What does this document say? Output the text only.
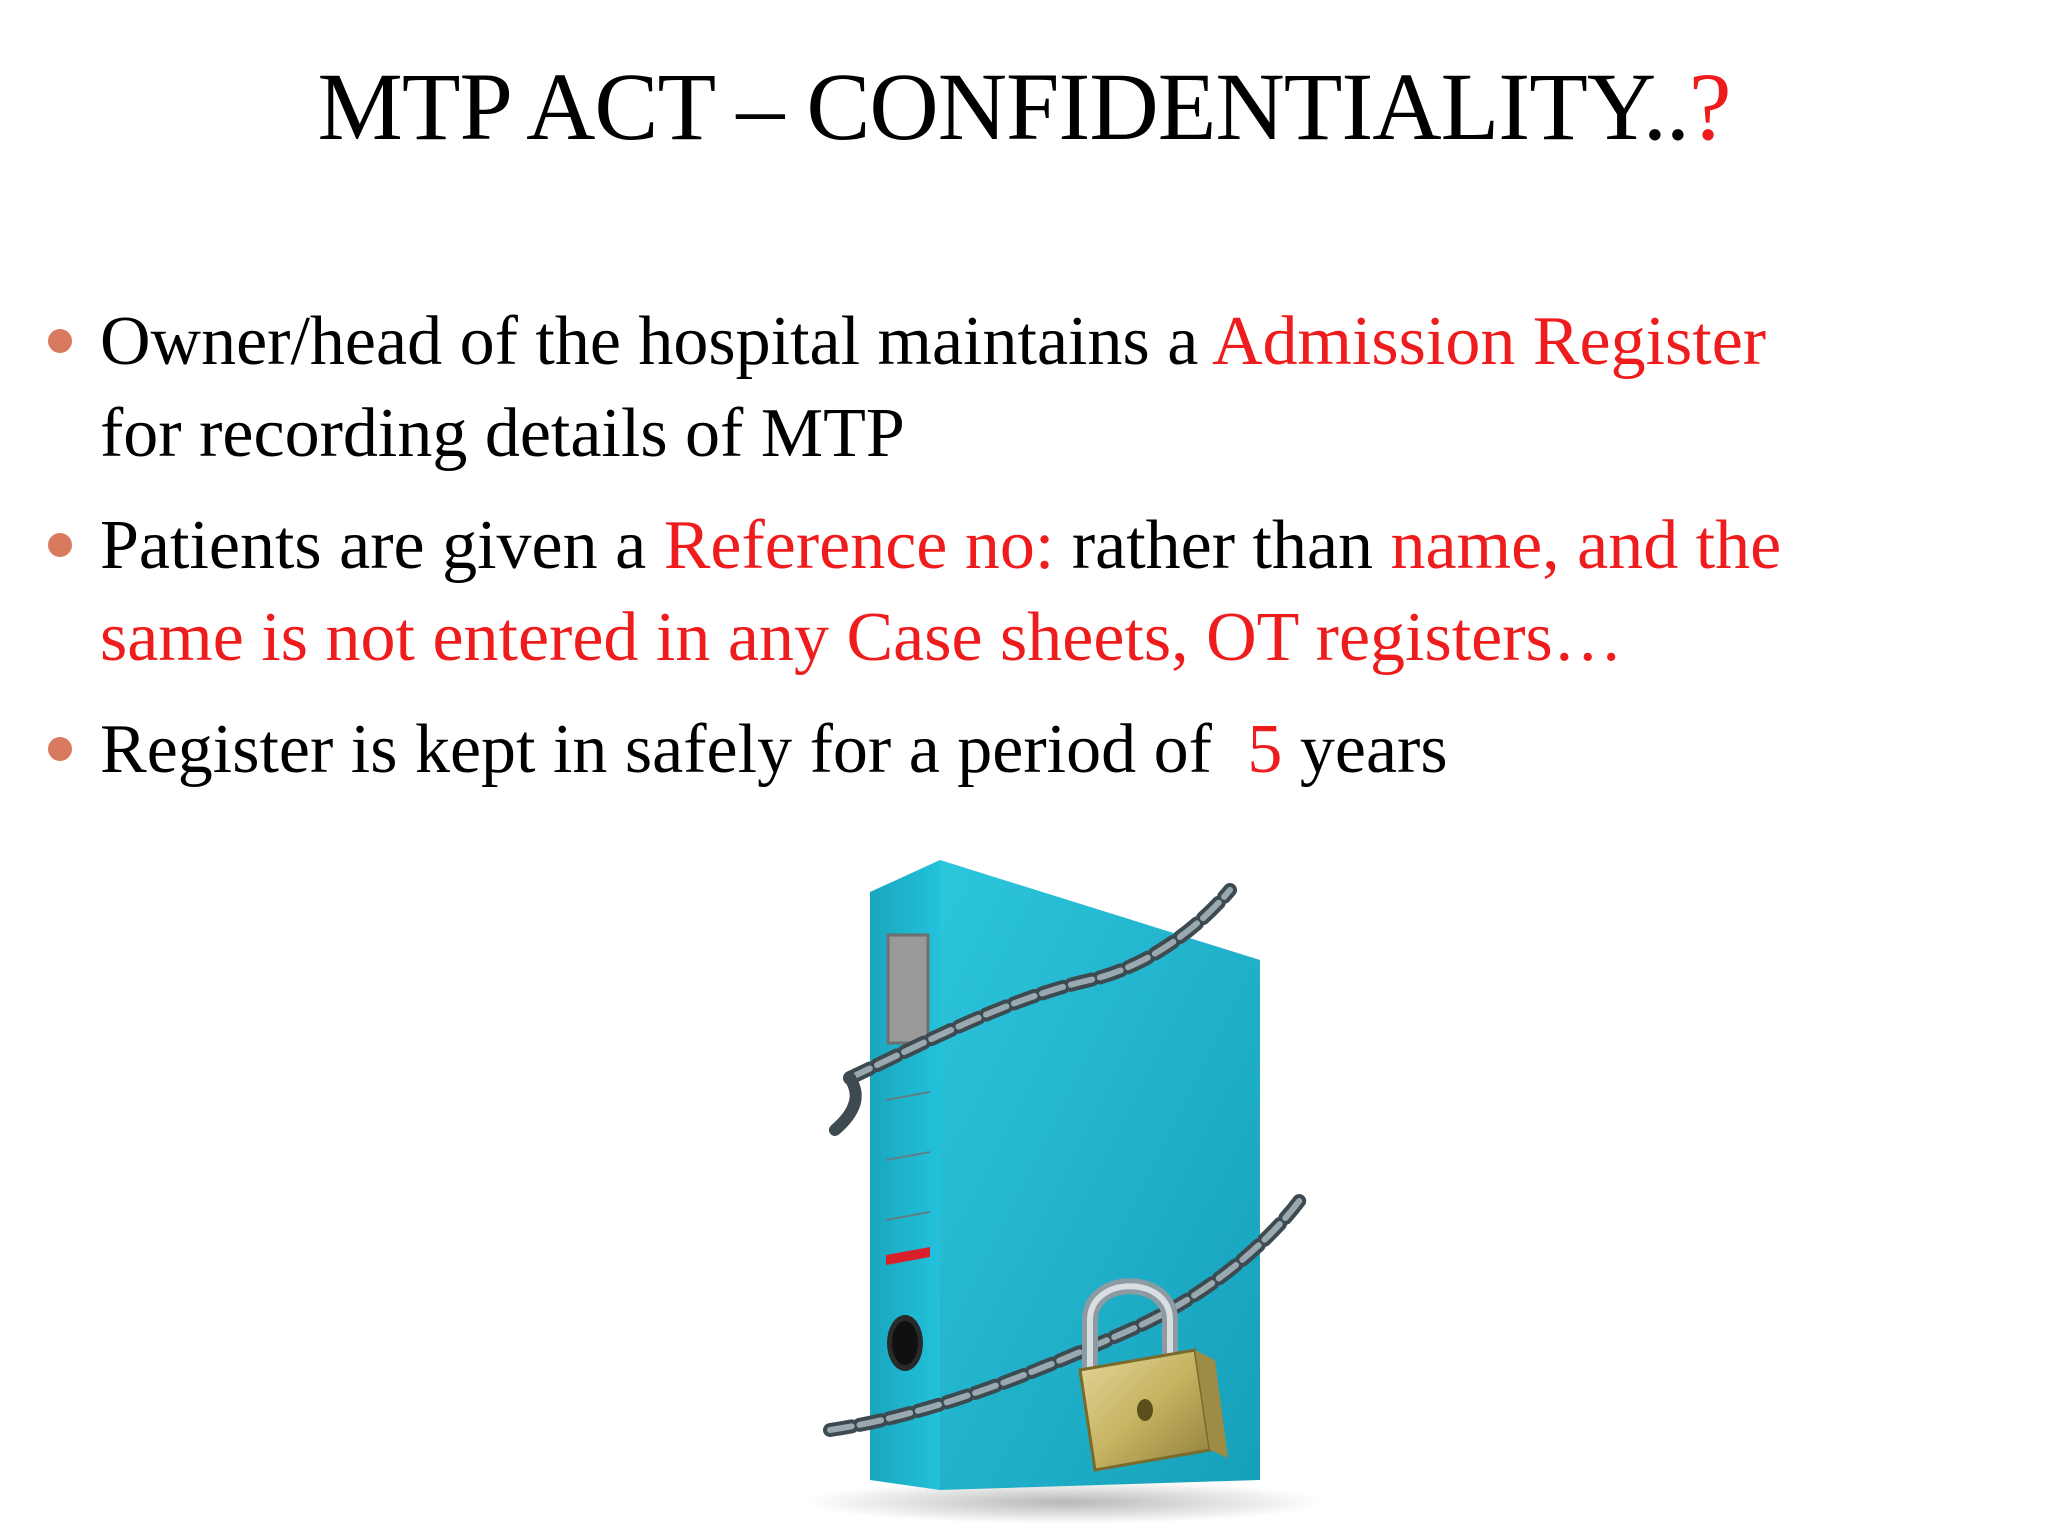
MTP ACT – CONFIDENTIALITY..?
Owner/head of the hospital maintains a Admission Register
for recording details of MTP
Patients are given a Reference no: rather than name, and the
same is not entered in any Case sheets, OT registers…
Register is kept in safely for a period of 5 years
